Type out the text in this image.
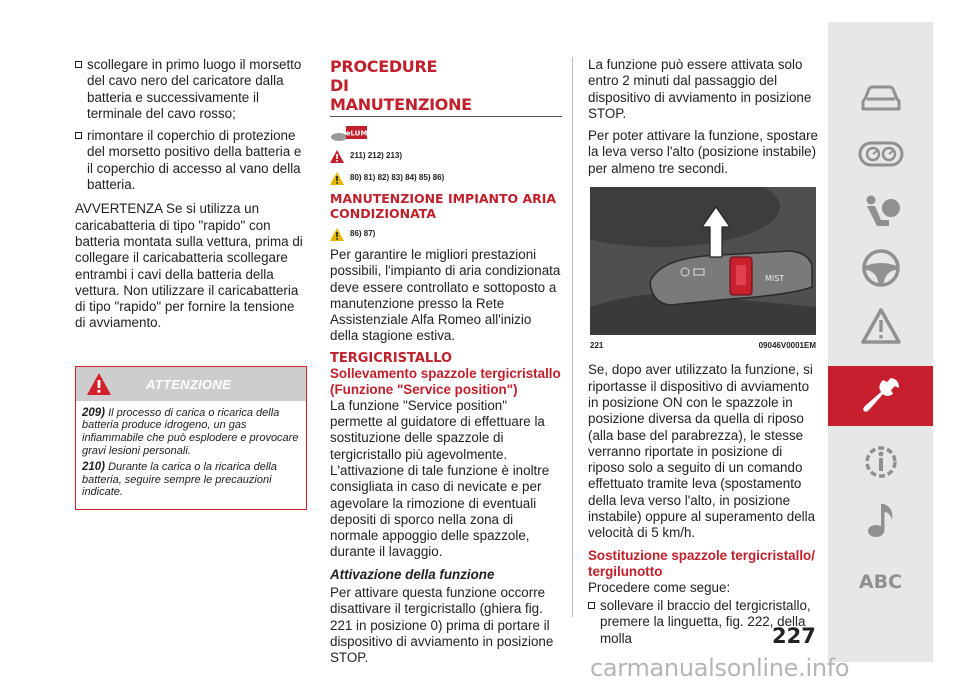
scollegare in primo luogo il morsetto del cavo nero del caricatore dalla batteria e successivamente il terminale del cavo rosso;

rimontare il coperchio di protezione del morsetto positivo della batteria e il coperchio di accesso al vano della batteria.

AVVERTENZA Se si utilizza un caricabatteria di tipo "rapido" con batteria montata sulla vettura, prima di collegare il caricabatteria scollegare entrambi i cavi della batteria della vettura. Non utilizzare il caricabatteria di tipo "rapido" per fornire la tensione di avviamento.

ATTENZIONE

209) Il processo di carica o ricarica della batteria produce idrogeno, un gas infiammabile che può esplodere e provocare gravi lesioni personali.

210) Durante la carica o la ricarica della batteria, seguire sempre le precauzioni indicate.

PROCEDURE DI MANUTENZIONE
eLUM
211) 212) 213)
80) 81) 82) 83) 84) 85) 86)
MANUTENZIONE IMPIANTO ARIA CONDIZIONATA
86) 87)

Per garantire le migliori prestazioni possibili, l'impianto di aria condizionata deve essere controllato e sottoposto a manutenzione presso la Rete Assistenziale Alfa Romeo all'inizio della stagione estiva.

TERGICRISTALLO
Sollevamento spazzole tergicristallo (Funzione "Service position")

La funzione "Service position" permette al guidatore di effettuare la sostituzione delle spazzole di tergicristallo più agevolmente. L'attivazione di tale funzione è inoltre consigliata in caso di nevicate e per agevolare la rimozione di eventuali depositi di sporco nella zona di normale appoggio delle spazzole, durante il lavaggio.

Attivazione della funzione

Per attivare questa funzione occorre disattivare il tergicristallo (ghiera fig. 221 in posizione 0) prima di portare il dispositivo di avviamento in posizione STOP.

La funzione può essere attivata solo entro 2 minuti dal passaggio del dispositivo di avviamento in posizione STOP.

Per poter attivare la funzione, spostare la leva verso l'alto (posizione instabile) per almeno tre secondi.

MIST
221	09046V0001EM

Se, dopo aver utilizzato la funzione, si riportasse il dispositivo di avviamento in posizione ON con le spazzole in posizione diversa da quella di riposo (alla base del parabrezza), le stesse verranno riportate in posizione di riposo solo a seguito di un comando effettuato tramite leva (spostamento della leva verso l'alto, in posizione instabile) oppure al superamento della velocità di 5 km/h.

Sostituzione spazzole tergicristallo/ tergilunotto

Procedere come segue:

sollevare il braccio del tergicristallo, premere la linguetta, fig. 222, della molla

ABC
227
carmanualsonline.info
